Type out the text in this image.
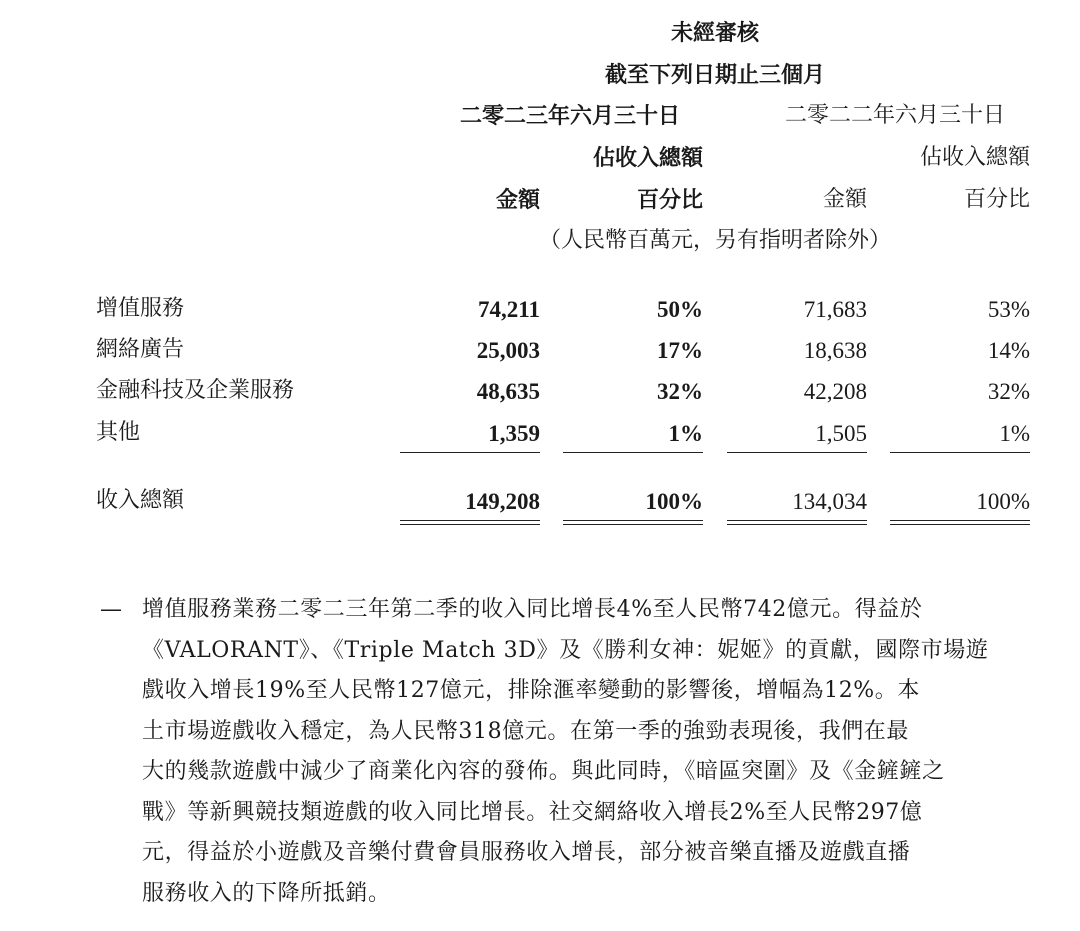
未經審核
截至下列日期止三個月
二零二三年六月三十日	二零二二年六月三十日
佔收入總額	佔收入總額
金額	百分比	金額	百分比
（人民幣百萬元，另有指明者除外）
增值服務	74,211	50%	71,683	53%
網絡廣告	25,003	17%	18,638	14%
金融科技及企業服務	48,635	32%	42,208	32%
其他	1,359	1%	1,505	1%
收入總額	149,208	100%	134,034	100%
— 增值服務業務二零二三年第二季的收入同比增長4%至人民幣742億元。得益於
《VALORANT》、《Triple Match 3D》及《勝利女神：妮姬》的貢獻，國際市場遊
戲收入增長19%至人民幣127億元，排除滙率變動的影響後，增幅為12%。本
土市場遊戲收入穩定，為人民幣318億元。在第一季的強勁表現後，我們在最
大的幾款遊戲中減少了商業化內容的發佈。與此同時，《暗區突圍》及《金鏟鏟之
戰》等新興競技類遊戲的收入同比增長。社交網絡收入增長2%至人民幣297億
元，得益於小遊戲及音樂付費會員服務收入增長，部分被音樂直播及遊戲直播
服務收入的下降所抵銷。
